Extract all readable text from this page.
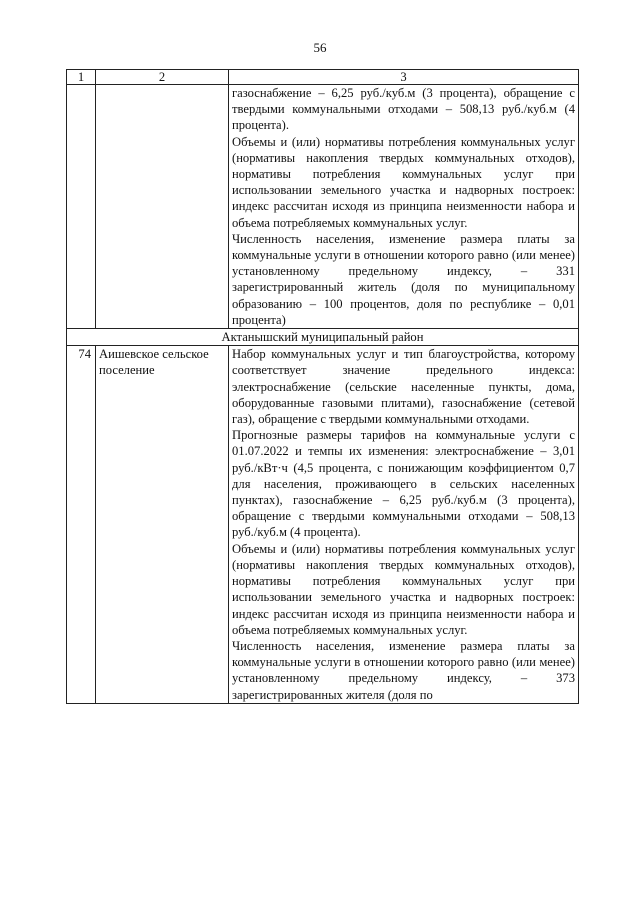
56
1	2	3

		газоснабжение – 6,25 руб./куб.м (3 процента), обращение с твердыми коммунальными отходами – 508,13 руб./куб.м (4 процента).

Объемы и (или) нормативы потребления коммунальных услуг (нормативы накопления твердых коммунальных отходов), нормативы потребления коммунальных услуг при использовании земельного участка и надворных построек: индекс рассчитан исходя из принципа неизменности набора и объема потребляемых коммунальных услуг.

Численность населения, изменение размера платы за коммунальные услуги в отношении которого равно (или менее) установленному предельному индексу, – 331 зарегистрированный житель (доля по муниципальному образованию – 100 процентов, доля по республике – 0,01 процента)

Актанышский муниципальный район		
74	Аишевское сельское поселение	Набор коммунальных услуг и тип благоустройства, которому соответствует значение предельного индекса: электроснабжение (сельские населенные пункты, дома, оборудованные газовыми плитами), газоснабжение (сетевой газ), обращение с твердыми коммунальными отходами.

Прогнозные размеры тарифов на коммунальные услуги с 01.07.2022 и темпы их изменения: электроснабжение – 3,01 руб./кВт·ч (4,5 процента, с понижающим коэффициентом 0,7 для населения, проживающего в сельских населенных пунктах), газоснабжение – 6,25 руб./куб.м (3 процента), обращение с твердыми коммунальными отходами – 508,13 руб./куб.м (4 процента).

Объемы и (или) нормативы потребления коммунальных услуг (нормативы накопления твердых коммунальных отходов), нормативы потребления коммунальных услуг при использовании земельного участка и надворных построек: индекс рассчитан исходя из принципа неизменности набора и объема потребляемых коммунальных услуг.

Численность населения, изменение размера платы за коммунальные услуги в отношении которого равно (или менее) установленному предельному индексу, – 373 зарегистрированных жителя (доля по
